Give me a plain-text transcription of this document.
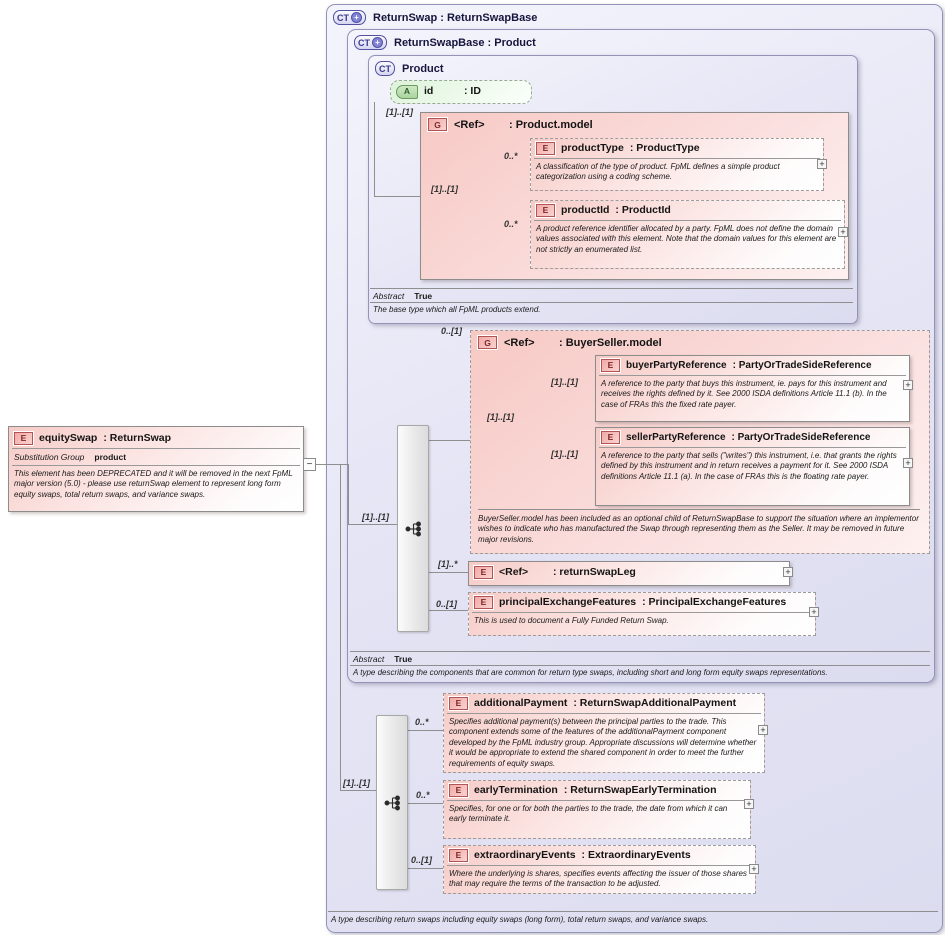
CT + ReturnSwap : ReturnSwapBase
CT + ReturnSwapBase : Product
CT Product
A	id	: ID
G	<Ref>	: Product.model
E	productType : ProductType
A classification of the type of product. FpML defines a simple product categorization using a coding scheme.
E	productId : ProductId
A product reference identifier allocated by a party. FpML does not define the domain values associated with this element. Note that the domain values for this element are not strictly an enumerated list.
Abstract True
The base type which all FpML products extend.
G	<Ref>	: BuyerSeller.model
E	buyerPartyReference : PartyOrTradeSideReference
A reference to the party that buys this instrument, ie. pays for this instrument and receives the rights defined by it. See 2000 ISDA definitions Article 11.1 (b). In the case of FRAs this the fixed rate payer.
E	sellerPartyReference : PartyOrTradeSideReference
A reference to the party that sells ("writes") this instrument, i.e. that grants the rights defined by this instrument and in return receives a payment for it. See 2000 ISDA definitions Article 11.1 (a). In the case of FRAs this is the floating rate payer.
BuyerSeller.model has been included as an optional child of ReturnSwapBase to support the situation where an implementor wishes to indicate who has manufactured the Swap through representing them as the Seller. It may be removed in future major revisions.
E	<Ref>	: returnSwapLeg
E	principalExchangeFeatures : PrincipalExchangeFeatures
This is used to document a Fully Funded Return Swap.
Abstract True
A type describing the components that are common for return type swaps, including short and long form equity swaps representations.
E	additionalPayment : ReturnSwapAdditionalPayment
Specifies additional payment(s) between the principal parties to the trade. This component extends some of the features of the additionalPayment component developed by the FpML industry group. Appropriate discussions will determine whether it would be appropriate to extend the shared component in order to meet the further requirements of equity swaps.
E	earlyTermination : ReturnSwapEarlyTermination
Specifies, for one or for both the parties to the trade, the date from which it can early terminate it.
E	extraordinaryEvents : ExtraordinaryEvents
Where the underlying is shares, specifies events affecting the issuer of those shares that may require the terms of the transaction to be adjusted.
A type describing return swaps including equity swaps (long form), total return swaps, and variance swaps.
E	equitySwap : ReturnSwap
Substitution Group product
This element has been DEPRECATED and it will be removed in the next FpML major version (5.0) - please use returnSwap element to represent long form equity swaps, total return swaps, and variance swaps.
−
[1]..[1]
[1]..[1]
0..*
0..*
0..[1]
[1]..[1]
[1]..[1]
[1]..[1]
[1]..[1]
[1]..*
0..[1]
[1]..[1]
0..*
0..*
0..[1]
+
+
+
+
+
+
+
+
+
